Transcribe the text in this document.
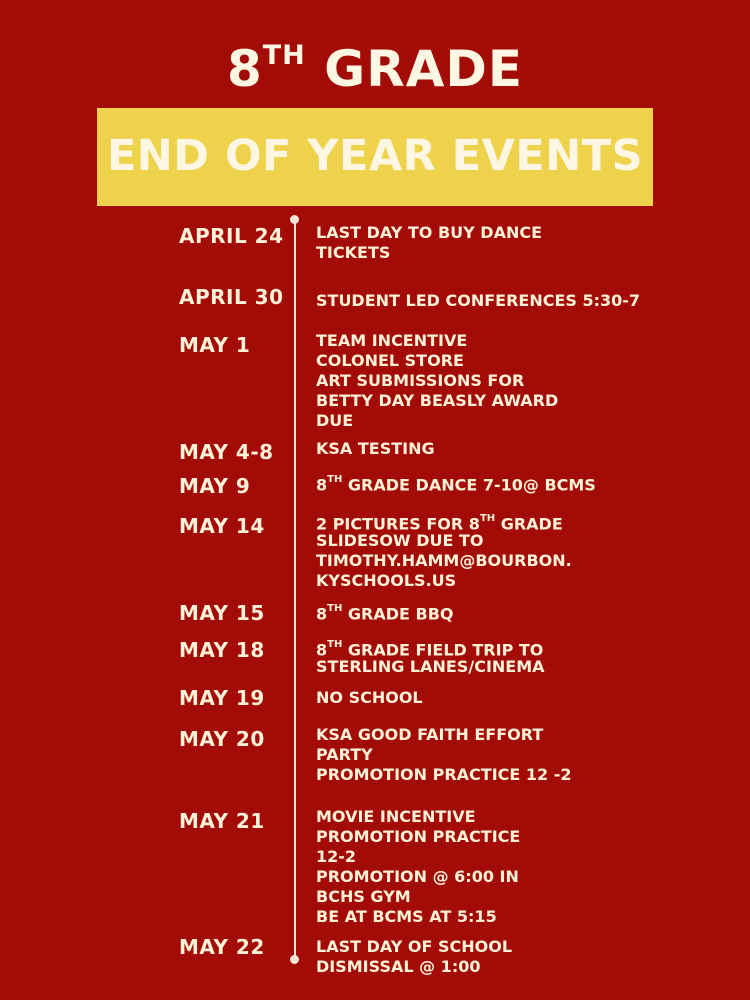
8TH GRADE
END OF YEAR EVENTS
APRIL 24 LAST DAY TO BUY DANCE
TICKETS
APRIL 30 STUDENT LED CONFERENCES 5:30-7
MAY 1	TEAM INCENTIVE
COLONEL STORE
ART SUBMISSIONS FOR
BETTY DAY BEASLY AWARD
DUE
MAY 4-8	KSA TESTING
MAY 9	8TH GRADE DANCE 7-10@ BCMS
MAY 14	2 PICTURES FOR 8TH GRADE
SLIDESOW DUE TO
TIMOTHY.HAMM@BOURBON.
KYSCHOOLS.US
MAY 15	8TH GRADE BBQ
MAY 18	8TH GRADE FIELD TRIP TO
STERLING LANES/CINEMA
MAY 19	NO SCHOOL
MAY 20	KSA GOOD FAITH EFFORT
PARTY
PROMOTION PRACTICE 12 -2
MAY 21	MOVIE INCENTIVE
PROMOTION PRACTICE
12-2
PROMOTION @ 6:00 IN
BCHS GYM
BE AT BCMS AT 5:15
MAY 22	LAST DAY OF SCHOOL
DISMISSAL @ 1:00
